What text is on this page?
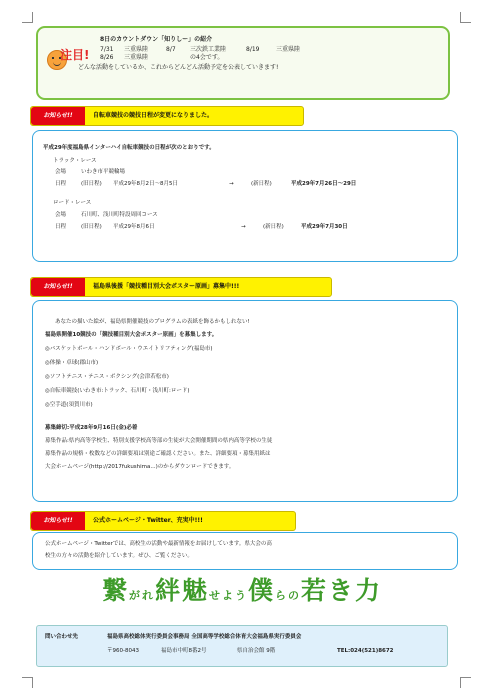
注目!
8日のカウントダウン「知りしー」の紹介
7/31 三重県陸	8/7 三次鉄工業陸	8/19	三重県陸
8/26 三重県陸	の4会です。
どんな活動をしているか、これからどんどん活動予定を公表していきます!
お知らせ!!	自転車競技の競技日程が変更になりました。
平成29年度福島県インターハイ自転車競技の日程が次のとおりです。
トラック・レース
会場	いわき市平競輪場
日程	(旧日程) 平成29年8月2日〜8月5日	→	(新日程)	平成29年7月26日〜29日
ロード・レース
会場	石川町、浅川町特設周回コース
日程	(旧日程) 平成29年8月6日	→	(新日程)	平成29年7月30日
お知らせ!!	福島県後援「競技種目別大会ポスター原画」募集中!!!
あなたの描いた絵が、福島県開催競技のプログラムの表紙を飾るかもしれない!
福島県開催10競技の「競技種目別大会ポスター原画」を募集します。
◎バスケットボール・ハンドボール・ウエイトリフティング(福島市)
◎体操・卓球(郡山市)
◎ソフトテニス・テニス・ボクシング(会津若松市)
◎自転車競技(いわき市:トラック、石川町・浅川町:ロード)
◎空手道(須賀川市)
募集締切:平成28年9月16日(金)必着
募集作品:県内高等学校生、特別支援学校高等部の生徒が大会開催期間の県内高等学校の生徒
募集作品の規格・枚数などの詳細要項は別途ご確認ください。また、詳細要項・募集用紙は
大会ホームページ(http://2017fukushima...)のからダウンロードできます。
お知らせ!!	公式ホームページ・Twitter、充実中!!!
公式ホームページ・Twitterでは、高校生の活動や最新情報をお届けしています。県大会の高
校生の方々の活動を紹介しています。ぜひ、ご覧ください。
繋がれ絆魅せよう僕らの若き力
問い合わせ先	福島県高校総体実行委員会事務局 全国高等学校総合体育大会福島県実行委員会
〒960-8043	福島市中町8番2号	県自治会館 9階	TEL:024(521)8672
